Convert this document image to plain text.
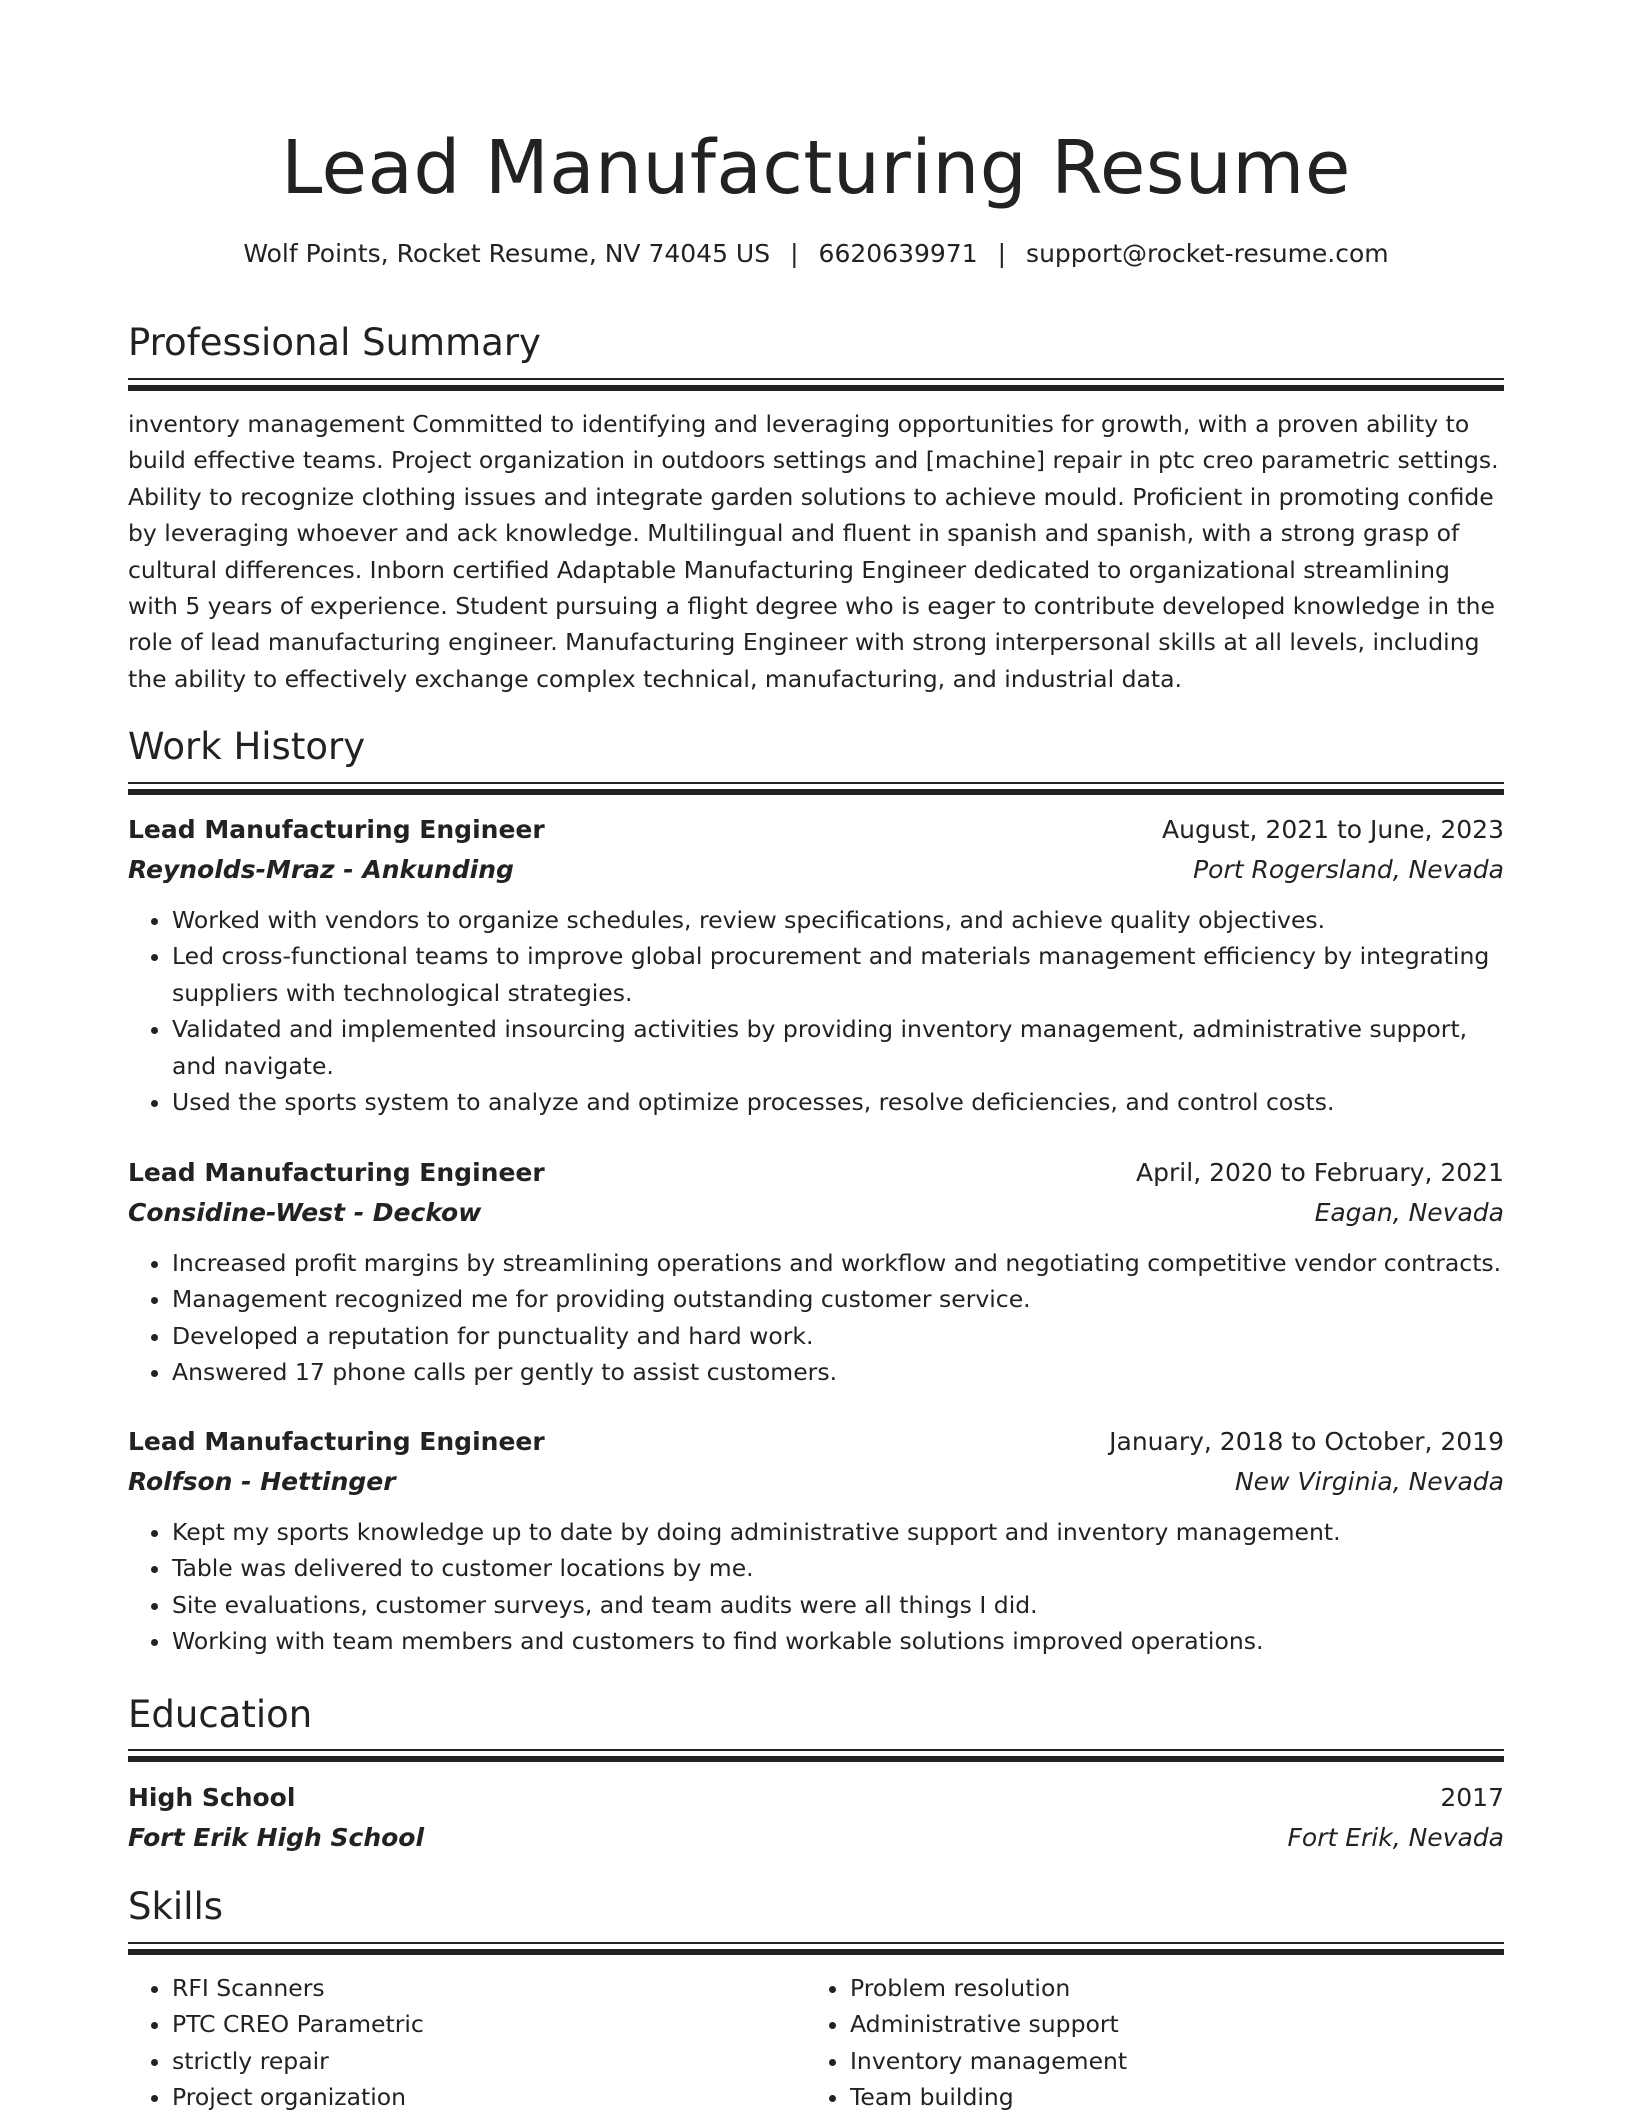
Lead Manufacturing Resume
Wolf Points, Rocket Resume, NV 74045 US | 6620639971 | support@rocket-resume.com
Professional Summary

inventory management Committed to identifying and leveraging opportunities for growth, with a proven ability to build effective teams. Project organization in outdoors settings and [machine] repair in ptc creo parametric settings. Ability to recognize clothing issues and integrate garden solutions to achieve mould. Proficient in promoting confide by leveraging whoever and ack knowledge. Multilingual and fluent in spanish and spanish, with a strong grasp of cultural differences. Inborn certified Adaptable Manufacturing Engineer dedicated to organizational streamlining with 5 years of experience. Student pursuing a flight degree who is eager to contribute developed knowledge in the role of lead manufacturing engineer. Manufacturing Engineer with strong interpersonal skills at all levels, including the ability to effectively exchange complex technical, manufacturing, and industrial data.

Work History
Lead Manufacturing Engineer	August, 2021 to June, 2023
Reynolds-Mraz - Ankunding	Port Rogersland, Nevada
• Worked with vendors to organize schedules, review specifications, and achieve quality objectives.
• Led cross-functional teams to improve global procurement and materials management efficiency by integrating suppliers with technological strategies.
• Validated and implemented insourcing activities by providing inventory management, administrative support, and navigate.
• Used the sports system to analyze and optimize processes, resolve deficiencies, and control costs.
Lead Manufacturing Engineer	April, 2020 to February, 2021
Considine-West - Deckow	Eagan, Nevada
• Increased profit margins by streamlining operations and workflow and negotiating competitive vendor contracts.
• Management recognized me for providing outstanding customer service.
• Developed a reputation for punctuality and hard work.
• Answered 17 phone calls per gently to assist customers.
Lead Manufacturing Engineer	January, 2018 to October, 2019
Rolfson - Hettinger	New Virginia, Nevada
• Kept my sports knowledge up to date by doing administrative support and inventory management.
• Table was delivered to customer locations by me.
• Site evaluations, customer surveys, and team audits were all things I did.
• Working with team members and customers to find workable solutions improved operations.
Education
High School	2017
Fort Erik High School	Fort Erik, Nevada
Skills
• RFI Scanners
• PTC CREO Parametric
• strictly repair
• Project organization
• Problem resolution
• Administrative support
• Inventory management
• Team building
